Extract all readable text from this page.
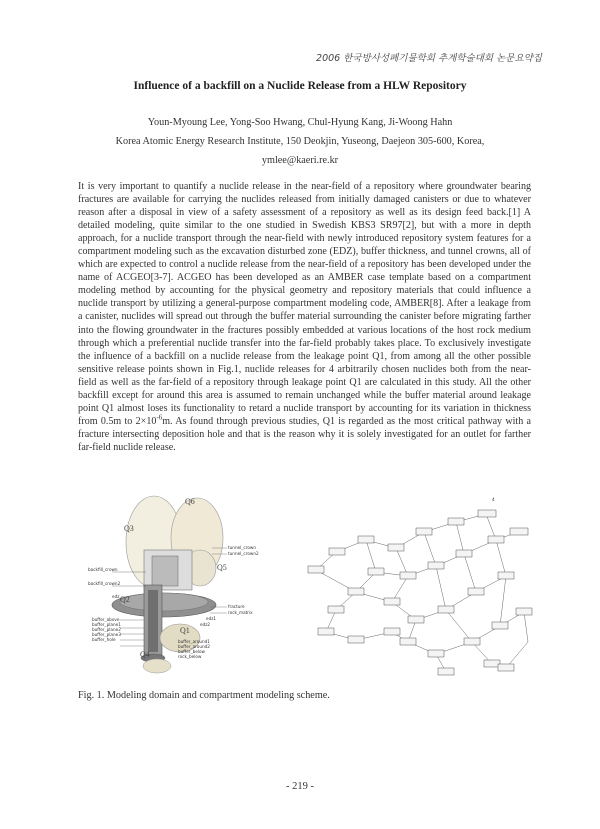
2006 한국방사성폐기물학회 추계학술대회 논문요약집
Influence of a backfill on a Nuclide Release from a HLW Repository
Youn-Myoung Lee, Yong-Soo Hwang, Chul-Hyung Kang, Ji-Woong Hahn
Korea Atomic Energy Research Institute, 150 Deokjin, Yuseong, Daejeon 305-600, Korea,
ymlee@kaeri.re.kr
It is very important to quantify a nuclide release in the near-field of a repository where groundwater bearing fractures are available for carrying the nuclides released from initially damaged canisters or due to whatever reason after a disposal in view of a safety assessment of a repository as well as its design feed back.[1] A detailed modeling, quite similar to the one studied in Swedish KBS3 SR97[2], but with a more in depth approach, for a nuclide transport through the near-field with newly introduced repository system features for a compartment modeling such as the excavation disturbed zone (EDZ), buffer thickness, and tunnel crowns, all of which are expected to control a nuclide release from the near-field of a repository has been developed under the name of ACGEO[3-7]. ACGEO has been developed as an AMBER case template based on a compartment modeling method by accounting for the physical geometry and repository materials that could influence a nuclide transport by utilizing a general-purpose compartment modeling code, AMBER[8]. After a leakage from a canister, nuclides will spread out through the buffer material surrounding the canister before migrating farther into the flowing groundwater in the fractures possibly embedded at various locations of the host rock medium through which a preferential nuclide transfer into the far-field probably takes place. To exclusively investigate the influence of a backfill on a nuclide release from the leakage point Q1, from among all the other possible sensitive release points shown in Fig.1, nuclide releases for 4 arbitrarily chosen nuclides both from the near-field as well as the far-field of a repository through leakage point Q1 are calculated in this study. All the other backfill except for around this area is assumed to remain unchanged while the buffer material around leakage point Q1 almost loses its functionality to retard a nuclide transport by accounting for its variation in thickness from 0.5m to $2\times 10^{-6}m$. As found through previous studies, Q1 is regarded as the most critical pathway with a fracture intersecting deposition hole and that is the reason why it is solely investigated for an outlet for farther far-field nuclide release.
Q6
Q3
Q5
Q2
Q1
Q4
tunnel_crown
tunnel_crown2
backfill_crown
backfill_crown2
fracture
edz
buffer_above
buffer_plane1
buffer_plane2
buffer_plane3
buffer_hole	buffer_around1
buffer_around2
buffer_below
rock_below
rock_matrix
edz1
edz2
4
Fig. 1. Modeling domain and compartment modeling scheme.
- 219 -
